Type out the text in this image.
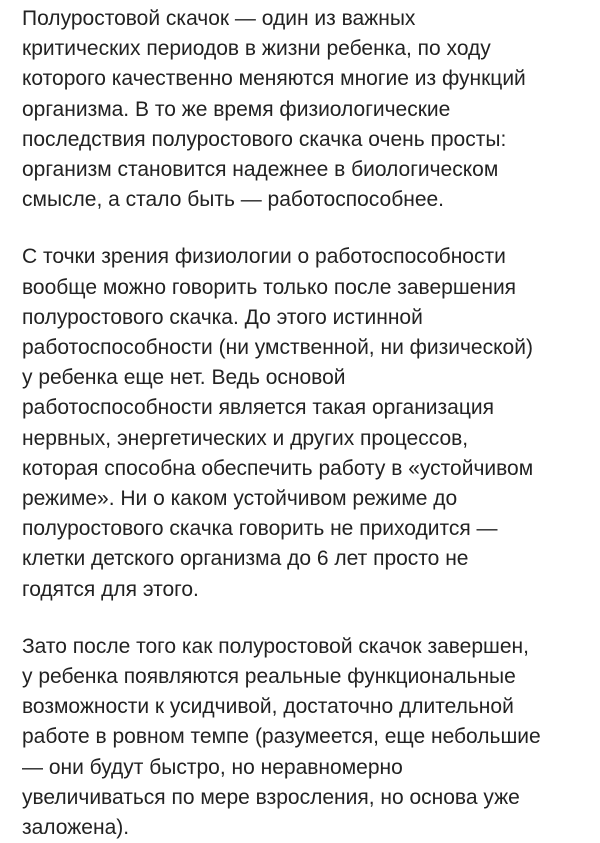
Полуростовой скачок — один из важных
критических периодов в жизни ребенка, по ходу
которого качественно меняются многие из функций
организма. В то же время физиологические
последствия полуростового скачка очень просты:
организм становится надежнее в биологическом
смысле, а стало быть — работоспособнее.

С точки зрения физиологии о работоспособности
вообще можно говорить только после завершения
полуростового скачка. До этого истинной
работоспособности (ни умственной, ни физической)
у ребенка еще нет. Ведь основой
работоспособности является такая организация
нервных, энергетических и других процессов,
которая способна обеспечить работу в «устойчивом
режиме». Ни о каком устойчивом режиме до
полуростового скачка говорить не приходится —
клетки детского организма до 6 лет просто не
годятся для этого.

Зато после того как полуростовой скачок завершен,
у ребенка появляются реальные функциональные
возможности к усидчивой, достаточно длительной
работе в ровном темпе (разумеется, еще небольшие
— они будут быстро, но неравномерно
увеличиваться по мере взросления, но основа уже
заложена).
